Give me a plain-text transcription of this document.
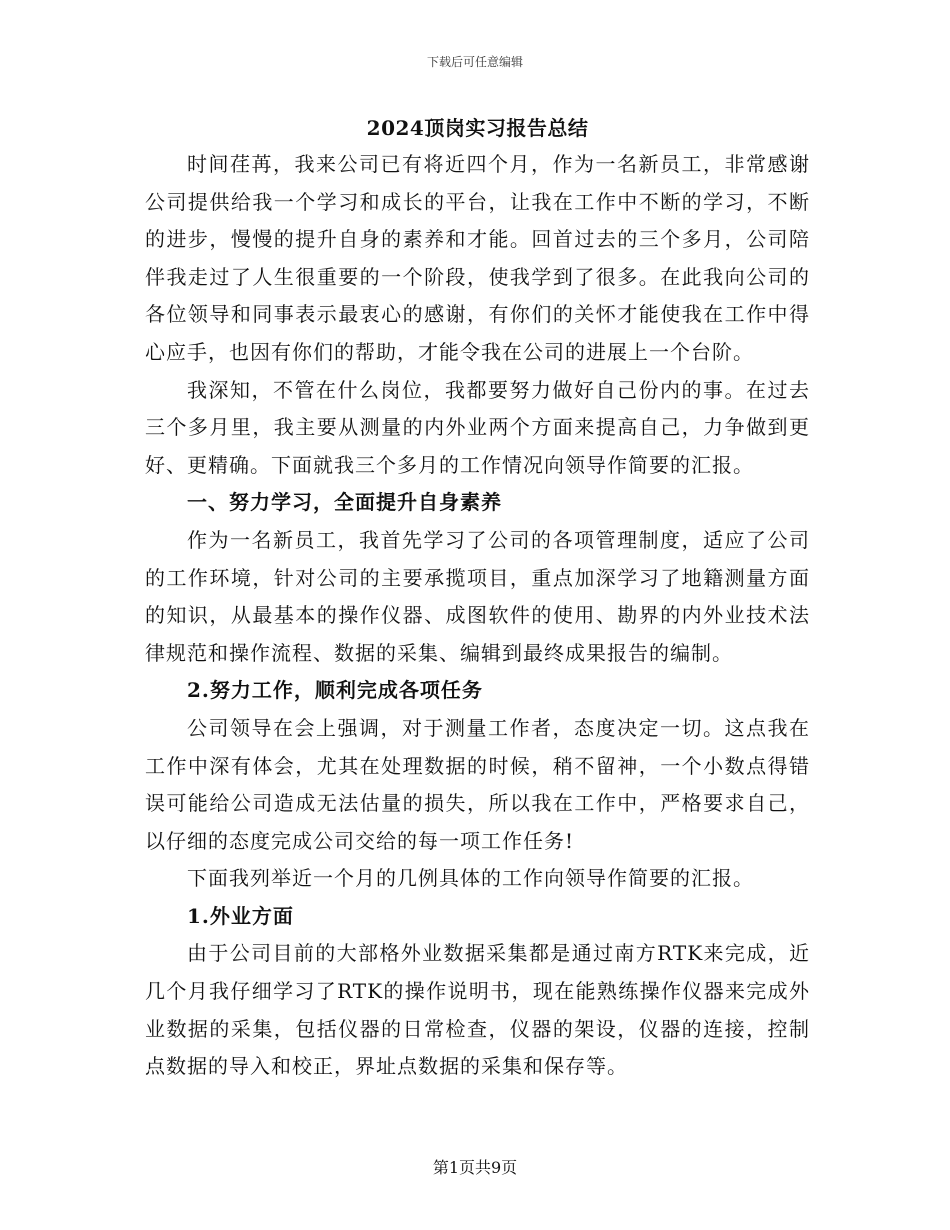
下载后可任意编辑
2024顶岗实习报告总结

时间荏苒，我来公司已有将近四个月，作为一名新员工，非常感谢公司提供给我一个学习和成长的平台，让我在工作中不断的学习，不断的进步，慢慢的提升自身的素养和才能。回首过去的三个多月，公司陪伴我走过了人生很重要的一个阶段，使我学到了很多。在此我向公司的各位领导和同事表示最衷心的感谢，有你们的关怀才能使我在工作中得心应手，也因有你们的帮助，才能令我在公司的进展上一个台阶。

我深知，不管在什么岗位，我都要努力做好自己份内的事。在过去三个多月里，我主要从测量的内外业两个方面来提高自己，力争做到更好、更精确。下面就我三个多月的工作情况向领导作简要的汇报。

一、努力学习，全面提升自身素养

作为一名新员工，我首先学习了公司的各项管理制度，适应了公司的工作环境，针对公司的主要承揽项目，重点加深学习了地籍测量方面的知识，从最基本的操作仪器、成图软件的使用、勘界的内外业技术法律规范和操作流程、数据的采集、编辑到最终成果报告的编制。

2.努力工作，顺利完成各项任务

公司领导在会上强调，对于测量工作者，态度决定一切。这点我在工作中深有体会，尤其在处理数据的时候，稍不留神，一个小数点得错误可能给公司造成无法估量的损失，所以我在工作中，严格要求自己，以仔细的态度完成公司交给的每一项工作任务!

下面我列举近一个月的几例具体的工作向领导作简要的汇报。

1.外业方面

由于公司目前的大部格外业数据采集都是通过南方RTK来完成，近几个月我仔细学习了RTK的操作说明书，现在能熟练操作仪器来完成外业数据的采集，包括仪器的日常检查，仪器的架设，仪器的连接，控制点数据的导入和校正，界址点数据的采集和保存等。

第1页共9页
